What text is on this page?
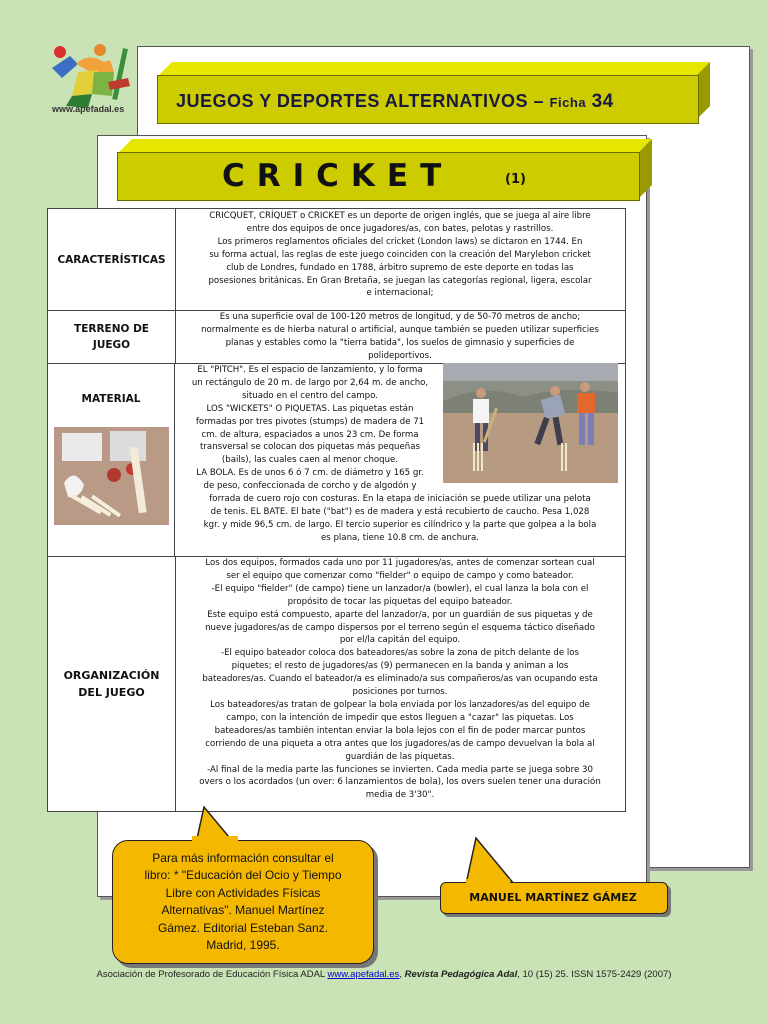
www.apefadal.es	JUEGOS Y DEPORTES ALTERNATIVOS – Ficha 34
CRICKET	(1)
CARACTERÍSTICAS

CRICQUET, CRÍQUET o CRICKET es un deporte de origen inglés, que se juega al aire libre

entre dos equipos de once jugadores/as, con bates, pelotas y rastrillos.

Los primeros reglamentos oficiales del cricket (London laws) se dictaron en 1744. En

su forma actual, las reglas de este juego coinciden con la creación del Marylebon cricket

club de Londres, fundado en 1788, árbitro supremo de este deporte en todas las

posesiones británicas. En Gran Bretaña, se juegan las categorías regional, ligera, escolar

e internacional;

TERRENO DE
JUEGO

Es una superficie oval de 100-120 metros de longitud, y de 50-70 metros de ancho;

normalmente es de hierba natural o artificial, aunque también se pueden utilizar superficies

planas y estables como la "tierra batida", los suelos de gimnasio y superficies de

polideportivos.

MATERIAL
EL "PITCH". Es el espacio de lanzamiento, y lo forma
un rectángulo de 20 m. de largo por 2,64 m. de ancho,
situado en el centro del campo.
LOS "WICKETS" O PIQUETAS. Las piquetas están
formadas por tres pivotes (stumps) de madera de 71
cm. de altura, espaciados a unos 23 cm. De forma
transversal se colocan dos piquetas más pequeñas
(bails), las cuales caen al menor choque.
LA BOLA. Es de unos 6 ó 7 cm. de diámetro y 165 gr.
de peso, confeccionada de corcho y de algodón y
forrada de cuero rojo con costuras. En la etapa de iniciación se puede utilizar una pelota
de tenis. EL BATE. El bate ("bat") es de madera y está recubierto de caucho. Pesa 1,028
kgr. y mide 96,5 cm. de largo. El tercio superior es cilíndrico y la parte que golpea a la bola
es plana, tiene 10.8 cm. de anchura.
ORGANIZACIÓN
DEL JUEGO

Los dos equipos, formados cada uno por 11 jugadores/as, antes de comenzar sortean cual

ser el equipo que comenzar como "fielder" o equipo de campo y como bateador.

-El equipo "fielder" (de campo) tiene un lanzador/a (bowler), el cual lanza la bola con el

propósito de tocar las piquetas del equipo bateador.

Este equipo está compuesto, aparte del lanzador/a, por un guardián de sus piquetas y de

nueve jugadores/as de campo dispersos por el terreno según el esquema táctico diseñado

por el/la capitán del equipo.

-El equipo bateador coloca dos bateadores/as sobre la zona de pitch delante de los

piquetes; el resto de jugadores/as (9) permanecen en la banda y animan a los

bateadores/as. Cuando el bateador/a es eliminado/a sus compañeros/as van ocupando esta

posiciones por turnos.

Los bateadores/as tratan de golpear la bola enviada por los lanzadores/as del equipo de

campo, con la intención de impedir que estos lleguen a "cazar" las piquetas. Los

bateadores/as también intentan enviar la bola lejos con el fin de poder marcar puntos

corriendo de una piqueta a otra antes que los jugadores/as de campo devuelvan la bola al

guardián de las piquetas.

-Al final de la media parte las funciones se invierten. Cada media parte se juega sobre 30

overs o los acordados (un over: 6 lanzamientos de bola), los overs suelen tener una duración

media de 3'30".

Para más información consultar el
libro: * "Educación del Ocio y Tiempo
Libre con Actividades Físicas
Alternativas". Manuel Martínez
Gámez. Editorial Esteban Sanz.
Madrid, 1995.
MANUEL MARTÍNEZ GÁMEZ
Asociación de Profesorado de Educación Física ADAL www.apefadal.es, Revista Pedagógica Adal, 10 (15) 25. ISSN 1575-2429 (2007)
